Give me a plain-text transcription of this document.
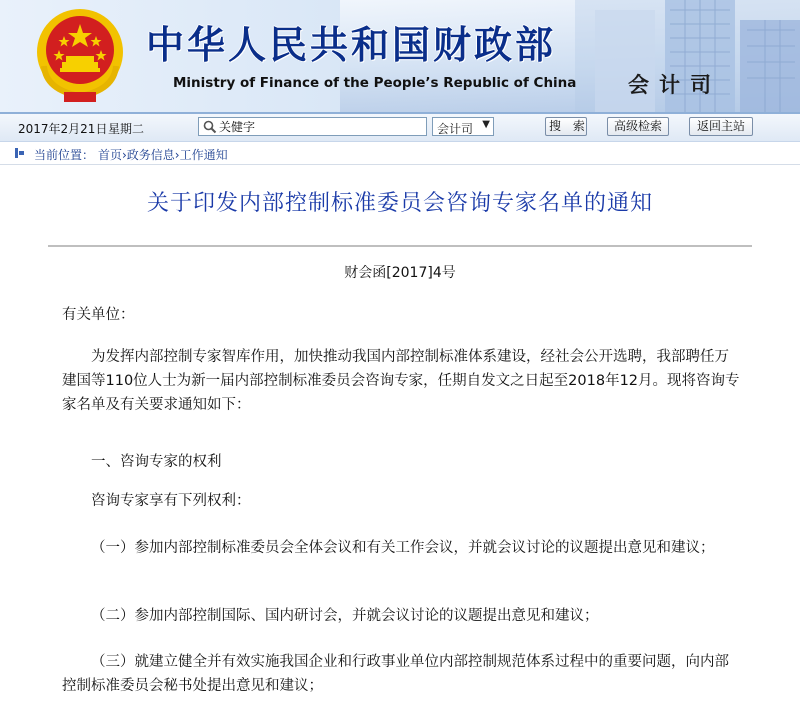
中华人民共和国财政部
Ministry of Finance of the People’s Republic of China 会计司
2017年2月21日 星期二
关健字	会计司 ▼	搜 索	高级检索	返回主站
当前位置： 首页›政务信息›工作通知
关于印发内部控制标准委员会咨询专家名单的通知
财会函[2017]4号
有关单位：
为发挥内部控制专家智库作用，加快推动我国内部控制标准体系建设，经社会公开选聘，我部聘任万建国等110位人士为新一届内部控制标准委员会咨询专家，任期自发文之日起至2018年12月。现将咨询专家名单及有关要求通知如下：
一、咨询专家的权利
咨询专家享有下列权利：
（一）参加内部控制标准委员会全体会议和有关工作会议，并就会议讨论的议题提出意见和建议；
（二）参加内部控制国际、国内研讨会，并就会议讨论的议题提出意见和建议；
（三）就建立健全并有效实施我国企业和行政事业单位内部控制规范体系过程中的重要问题，向内部控制标准委员会秘书处提出意见和建议；
